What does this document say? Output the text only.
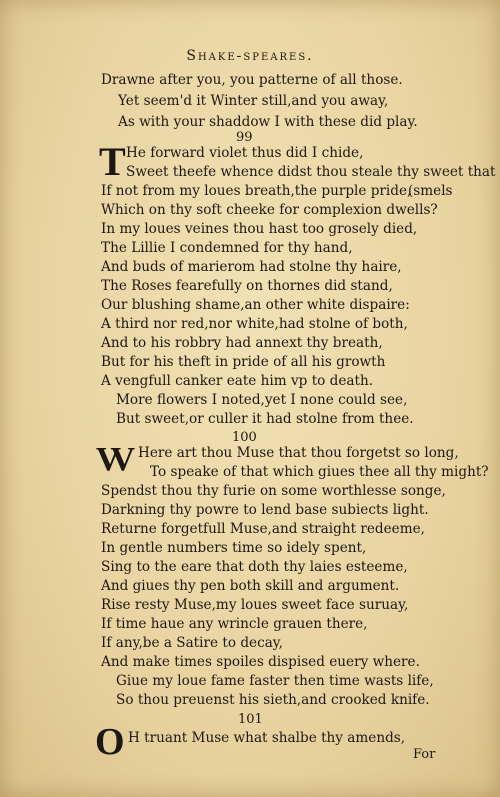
Shake-speares.
Drawne after you, you patterne of all those.
Yet seem'd it Winter still,and you away,
As with your shaddow I with these did play.
99
T He forward violet thus did I chide,
Sweet theefe whence didst thou steale thy sweet that
If not from my loues breath,the purple pride,
(smels
Which on thy soft cheeke for complexion dwells?
In my loues veines thou hast too grosely died,
The Lillie I condemned for thy hand,
And buds of marierom had stolne thy haire,
The Roses fearefully on thornes did stand,
Our blushing shame,an other white dispaire:
A third nor red,nor white,had stolne of both,
And to his robbry had annext thy breath,
But for his theft in pride of all his growth
A vengfull canker eate him vp to death.
More flowers I noted,yet I none could see,
But sweet,or culler it had stolne from thee.
100
VV Here art thou Muse that thou forgetst so long,
To speake of that which giues thee all thy might?
Spendst thou thy furie on some worthlesse songe,
Darkning thy powre to lend base subiects light.
Returne forgetfull Muse,and straight redeeme,
In gentle numbers time so idely spent,
Sing to the eare that doth thy laies esteeme,
And giues thy pen both skill and argument.
Rise resty Muse,my loues sweet face suruay,
If time haue any wrincle grauen there,
If any,be a Satire to decay,
And make times spoiles dispised euery where.
Giue my loue fame faster then time wasts life,
So thou preuenst his sieth,and crooked knife.
101
O H truant Muse what shalbe thy amends,
For
